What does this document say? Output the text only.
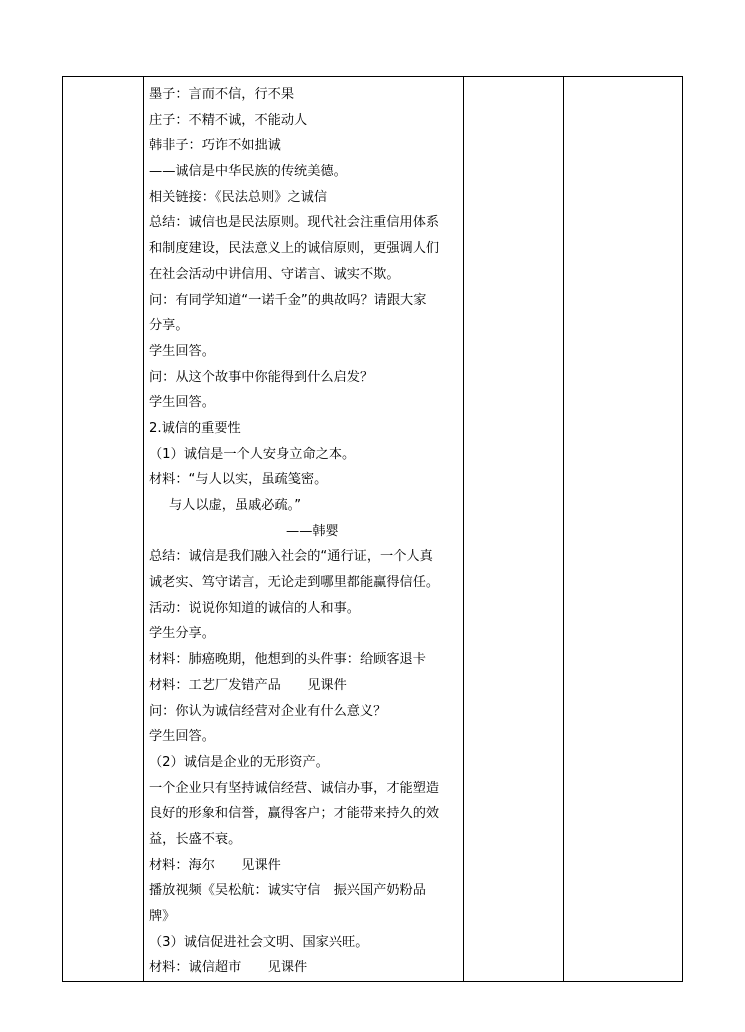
墨子：言而不信，行不果
庄子：不精不诚，不能动人
韩非子：巧诈不如拙诚
——诚信是中华民族的传统美德。
相关链接：《民法总则》之诚信
总结：诚信也是民法原则。现代社会注重信用体系
和制度建设，民法意义上的诚信原则，更强调人们
在社会活动中讲信用、守诺言、诚实不欺。
问：有同学知道“一诺千金”的典故吗？请跟大家
分享。
学生回答。
问：从这个故事中你能得到什么启发？
学生回答。
2.诚信的重要性
（1）诚信是一个人安身立命之本。
材料：“与人以实，虽疏笺密。
与人以虚，虽戚必疏。”
——韩婴
总结：诚信是我们融入社会的“通行证，一个人真
诚老实、笃守诺言，无论走到哪里都能赢得信任。
活动：说说你知道的诚信的人和事。
学生分享。
材料：肺癌晚期，他想到的头件事：给顾客退卡
材料：工艺厂发错产品　　见课件
问：你认为诚信经营对企业有什么意义？
学生回答。
（2）诚信是企业的无形资产。
一个企业只有坚持诚信经营、诚信办事，才能塑造
良好的形象和信誉，赢得客户；才能带来持久的效
益，长盛不衰。
材料：海尔　　见课件
播放视频《吴松航：诚实守信　振兴国产奶粉品
牌》
（3）诚信促进社会文明、国家兴旺。
材料：诚信超市　　见课件
